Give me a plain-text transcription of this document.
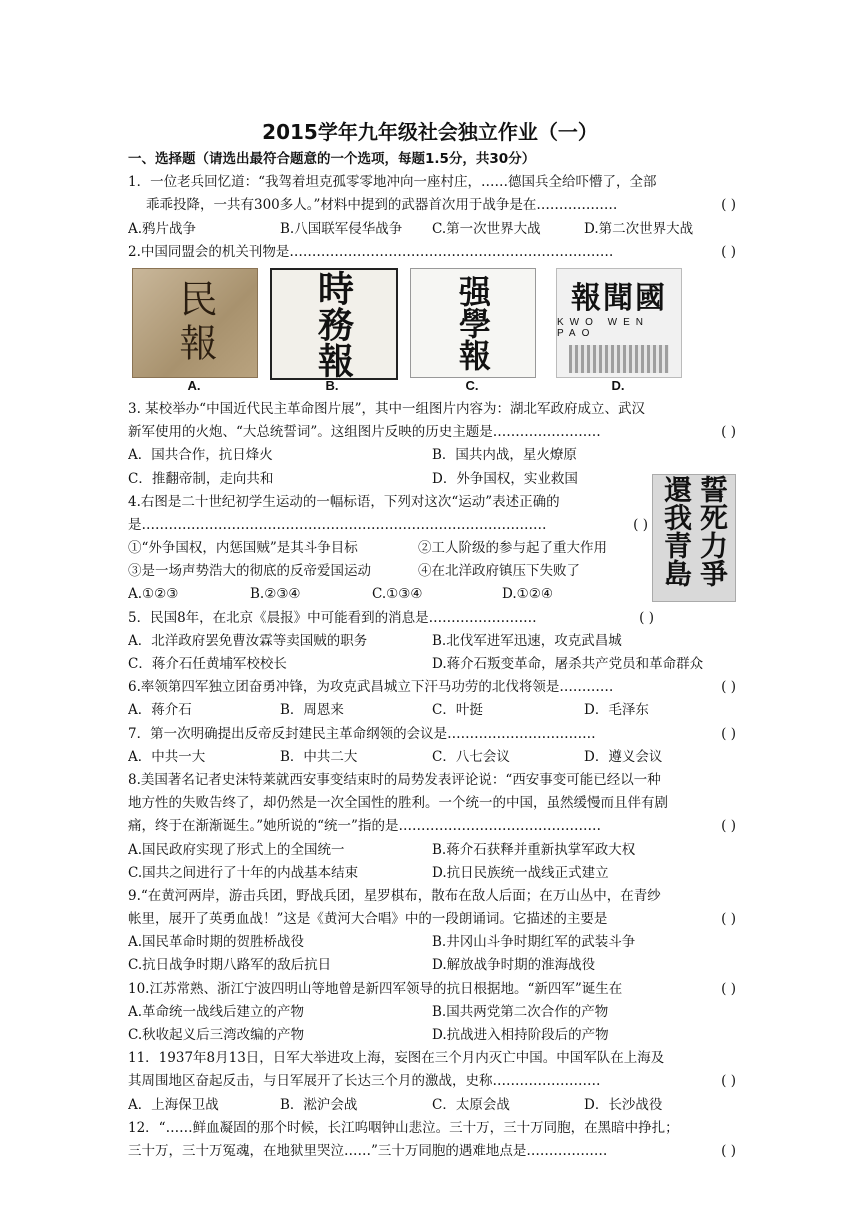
2015学年九年级社会独立作业（一）
一、选择题（请选出最符合题意的一个选项，每题1.5分，共30分）
1．一位老兵回忆道：“我驾着坦克孤零零地冲向一座村庄，……德国兵全给吓懵了，全部
乖乖投降，一共有300多人。”材料中提到的武器首次用于战争是在………………	( )
A.鸦片战争	B.八国联军侵华战争	C.第一次世界大战	D.第二次世界大战
2.中国同盟会的机关刊物是………………………………………………………………	( )
民報
A.
時務報
B.
强學報
C.
報聞國
KWO WEN PAO
D.
3. 某校举办“中国近代民主革命图片展”，其中一组图片内容为：湖北军政府成立、武汉
新军使用的火炮、“大总统誓词”。这组图片反映的历史主题是……………………	( )
A．国共合作，抗日烽火	B．国共内战，星火燎原
C．推翻帝制，走向共和	D．外争国权，实业救国
4.右图是二十世纪初学生运动的一幅标语，下列对这次“运动”表述正确的
是………………………………………………………………………………	( )
①“外争国权，内惩国贼”是其斗争目标	②工人阶级的参与起了重大作用
③是一场声势浩大的彻底的反帝爱国运动	④在北洋政府镇压下失败了
A.①②③	B.②③④	C.①③④	D.①②④
5．民国8年，在北京《晨报》中可能看到的消息是……………………	( )
A．北洋政府罢免曹汝霖等卖国贼的职务	B.北伐军进军迅速，攻克武昌城
C．蒋介石任黄埔军校校长	D.蒋介石叛变革命，屠杀共产党员和革命群众
6.率领第四军独立团奋勇冲锋，为攻克武昌城立下汗马功劳的北伐将领是…………	( )
A．蒋介石	B．周恩来	C．叶挺	D．毛泽东
7．第一次明确提出反帝反封建民主革命纲领的会议是……………………………	( )
A．中共一大	B．中共二大	C．八七会议	D．遵义会议
8.美国著名记者史沫特莱就西安事变结束时的局势发表评论说：“西安事变可能已经以一种
地方性的失败告终了，却仍然是一次全国性的胜利。一个统一的中国，虽然缓慢而且伴有剧
痛，终于在渐渐诞生。”她所说的“统一”指的是………………………………………	( )
A.国民政府实现了形式上的全国统一	B.蒋介石获释并重新执掌军政大权
C.国共之间进行了十年的内战基本结束	D.抗日民族统一战线正式建立
9.“在黄河两岸，游击兵团，野战兵团，星罗棋布，散布在敌人后面；在万山丛中，在青纱
帐里，展开了英勇血战！”这是《黄河大合唱》中的一段朗诵词。它描述的主要是	( )
A.国民革命时期的贺胜桥战役	B.井冈山斗争时期红军的武装斗争
C.抗日战争时期八路军的敌后抗日	D.解放战争时期的淮海战役
10.江苏常熟、浙江宁波四明山等地曾是新四军领导的抗日根据地。“新四军”诞生在	( )
A.革命统一战线后建立的产物	B.国共两党第二次合作的产物
C.秋收起义后三湾改编的产物	D.抗战进入相持阶段后的产物
11．1937年8月13日，日军大举进攻上海，妄图在三个月内灭亡中国。中国军队在上海及
其周围地区奋起反击，与日军展开了长达三个月的激战，史称……………………	( )
A．上海保卫战	B．淞沪会战	C．太原会战	D．长沙战役
12．“……鲜血凝固的那个时候，长江呜咽钟山悲泣。三十万，三十万同胞，在黑暗中挣扎；
三十万，三十万冤魂，在地狱里哭泣……”三十万同胞的遇难地点是………………	( )
誓死力爭還我青島
